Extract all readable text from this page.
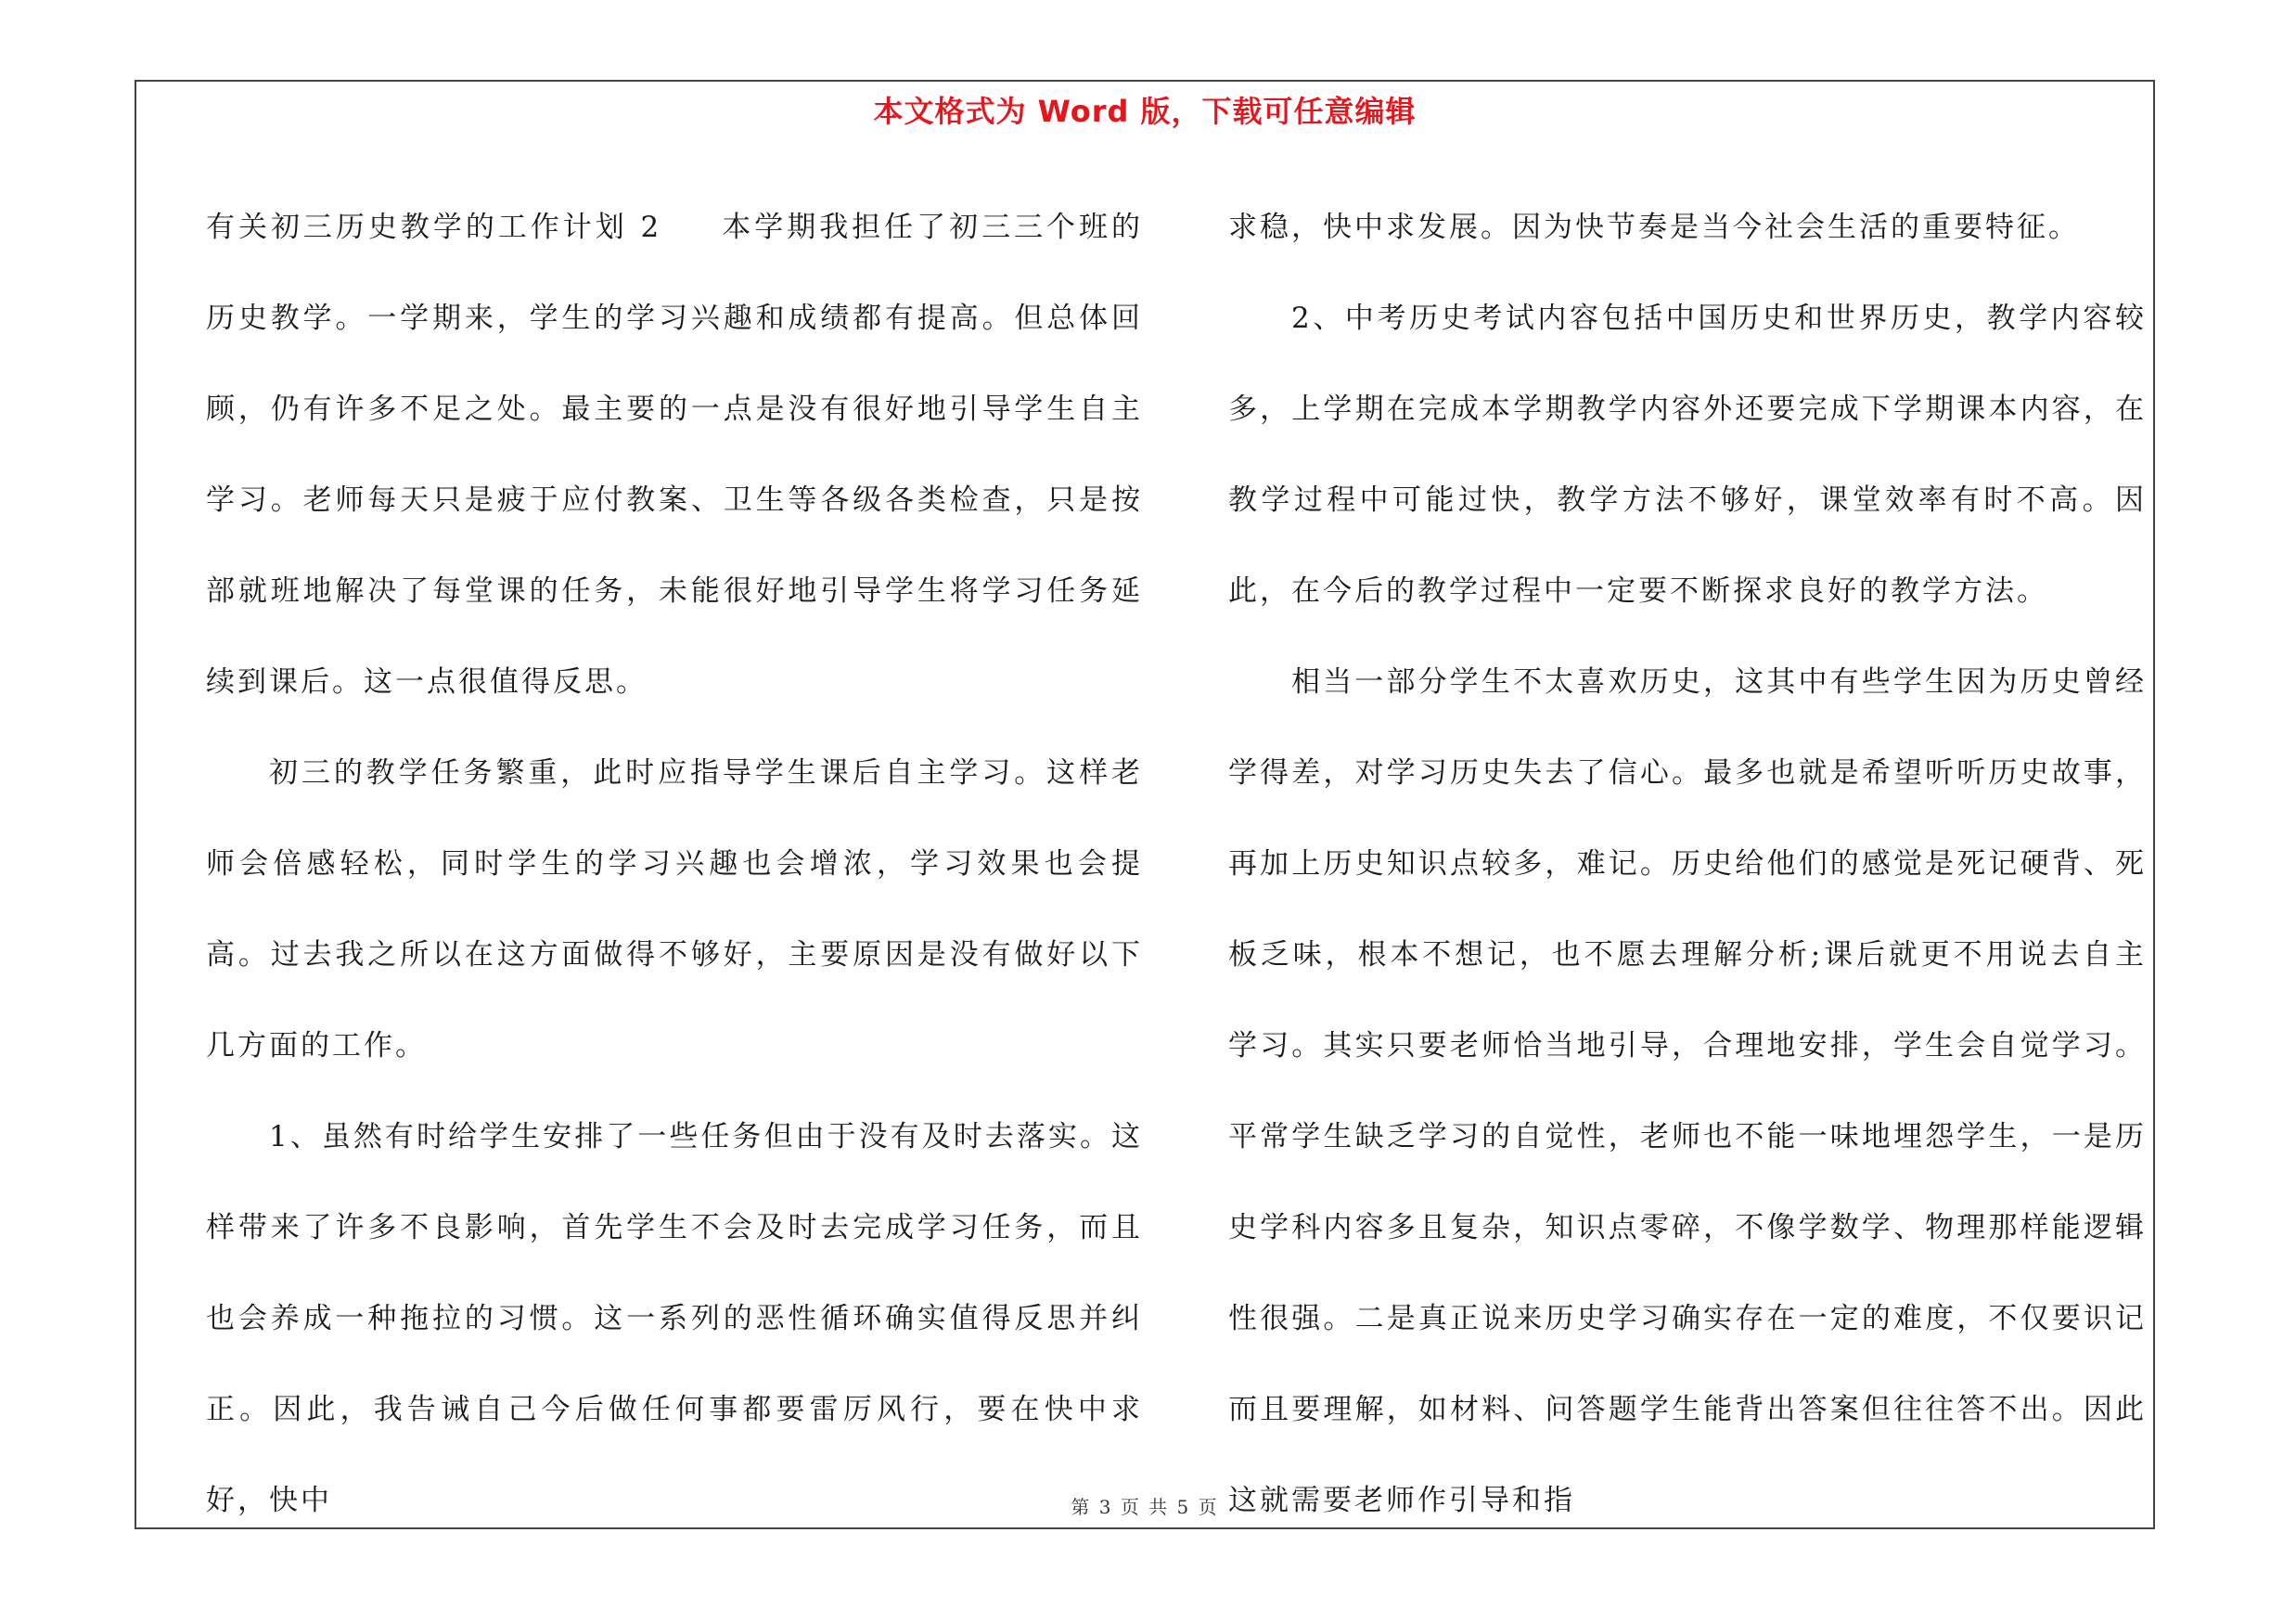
本文格式为 Word 版，下载可任意编辑

有关初三历史教学的工作计划 2 本学期我担任了初三三个班的历史教学。一学期来，学生的学习兴趣和成绩都有提高。但总体回顾，仍有许多不足之处。最主要的一点是没有很好地引导学生自主学习。老师每天只是疲于应付教案、卫生等各级各类检查，只是按部就班地解决了每堂课的任务，未能很好地引导学生将学习任务延续到课后。这一点很值得反思。

初三的教学任务繁重，此时应指导学生课后自主学习。这样老师会倍感轻松，同时学生的学习兴趣也会增浓，学习效果也会提高。过去我之所以在这方面做得不够好，主要原因是没有做好以下几方面的工作。

1、虽然有时给学生安排了一些任务但由于没有及时去落实。这样带来了许多不良影响，首先学生不会及时去完成学习任务，而且也会养成一种拖拉的习惯。这一系列的恶性循环确实值得反思并纠正。因此，我告诫自己今后做任何事都要雷厉风行，要在快中求好，快中

求稳，快中求发展。因为快节奏是当今社会生活的重要特征。

2、中考历史考试内容包括中国历史和世界历史，教学内容较多，上学期在完成本学期教学内容外还要完成下学期课本内容，在教学过程中可能过快，教学方法不够好，课堂效率有时不高。因此，在今后的教学过程中一定要不断探求良好的教学方法。

相当一部分学生不太喜欢历史，这其中有些学生因为历史曾经学得差，对学习历史失去了信心。最多也就是希望听听历史故事，再加上历史知识点较多，难记。历史给他们的感觉是死记硬背、死板乏味，根本不想记，也不愿去理解分析;课后就更不用说去自主学习。其实只要老师恰当地引导，合理地安排，学生会自觉学习。平常学生缺乏学习的自觉性，老师也不能一味地埋怨学生，一是历史学科内容多且复杂，知识点零碎，不像学数学、物理那样能逻辑性很强。二是真正说来历史学习确实存在一定的难度，不仅要识记而且要理解，如材料、问答题学生能背出答案但往往答不出。因此这就需要老师作引导和指

第 3 页 共 5 页
